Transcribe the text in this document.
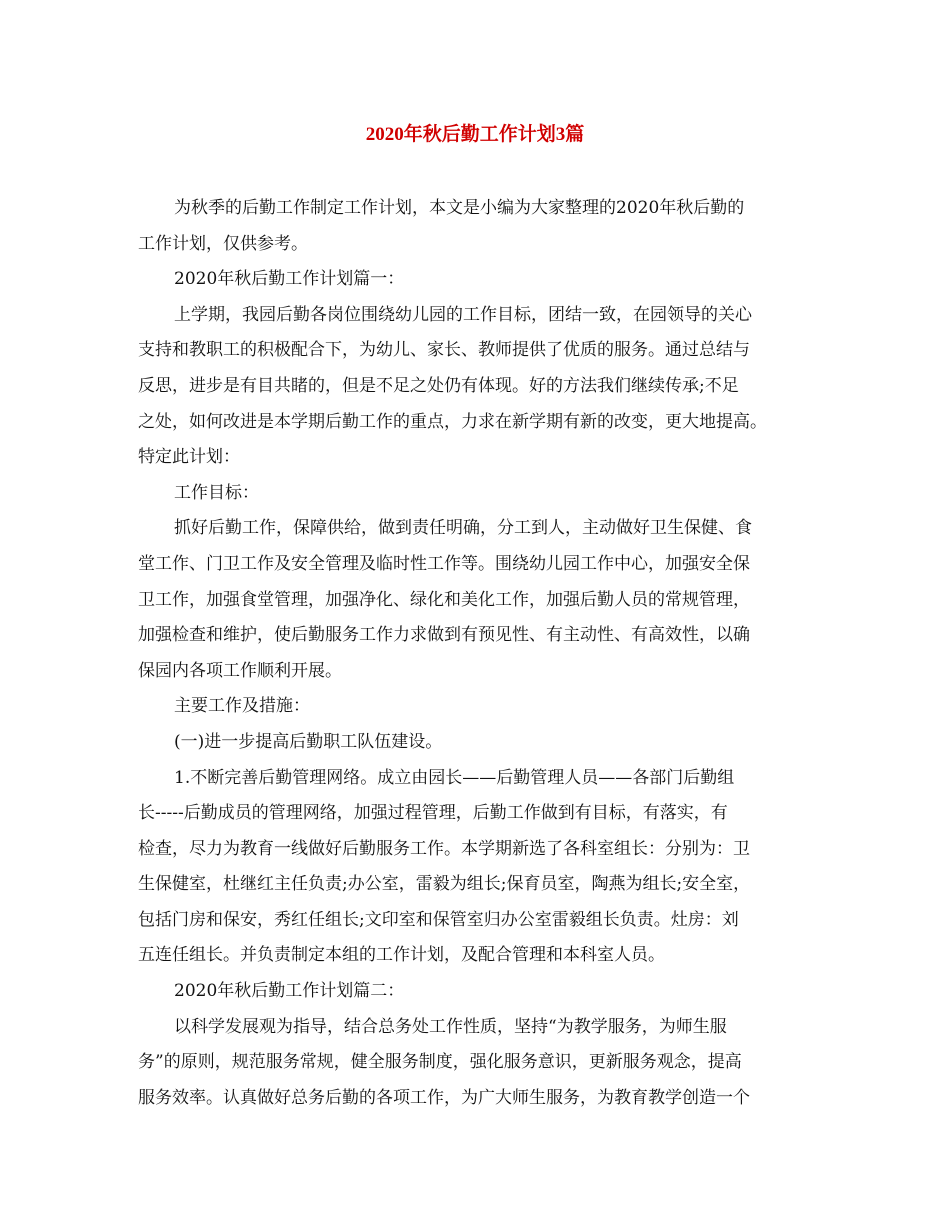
2020年秋后勤工作计划3篇
为秋季的后勤工作制定工作计划，本文是小编为大家整理的2020年秋后勤的
工作计划，仅供参考。
2020年秋后勤工作计划篇一：
上学期，我园后勤各岗位围绕幼儿园的工作目标，团结一致，在园领导的关心
支持和教职工的积极配合下，为幼儿、家长、教师提供了优质的服务。通过总结与
反思，进步是有目共睹的，但是不足之处仍有体现。好的方法我们继续传承;不足
之处，如何改进是本学期后勤工作的重点，力求在新学期有新的改变，更大地提高。
特定此计划：
工作目标：
抓好后勤工作，保障供给，做到责任明确，分工到人，主动做好卫生保健、食
堂工作、门卫工作及安全管理及临时性工作等。围绕幼儿园工作中心，加强安全保
卫工作，加强食堂管理，加强净化、绿化和美化工作，加强后勤人员的常规管理，
加强检查和维护，使后勤服务工作力求做到有预见性、有主动性、有高效性，以确
保园内各项工作顺利开展。
主要工作及措施：
(一)进一步提高后勤职工队伍建设。
1.不断完善后勤管理网络。成立由园长——后勤管理人员——各部门后勤组
长-----后勤成员的管理网络，加强过程管理，后勤工作做到有目标，有落实，有
检查，尽力为教育一线做好后勤服务工作。本学期新选了各科室组长：分别为：卫
生保健室，杜继红主任负责;办公室，雷毅为组长;保育员室，陶燕为组长;安全室，
包括门房和保安，秀红任组长;文印室和保管室归办公室雷毅组长负责。灶房：刘
五连任组长。并负责制定本组的工作计划，及配合管理和本科室人员。
2020年秋后勤工作计划篇二：
以科学发展观为指导，结合总务处工作性质，坚持“为教学服务，为师生服
务”的原则，规范服务常规，健全服务制度，强化服务意识，更新服务观念，提高
服务效率。认真做好总务后勤的各项工作，为广大师生服务，为教育教学创造一个
